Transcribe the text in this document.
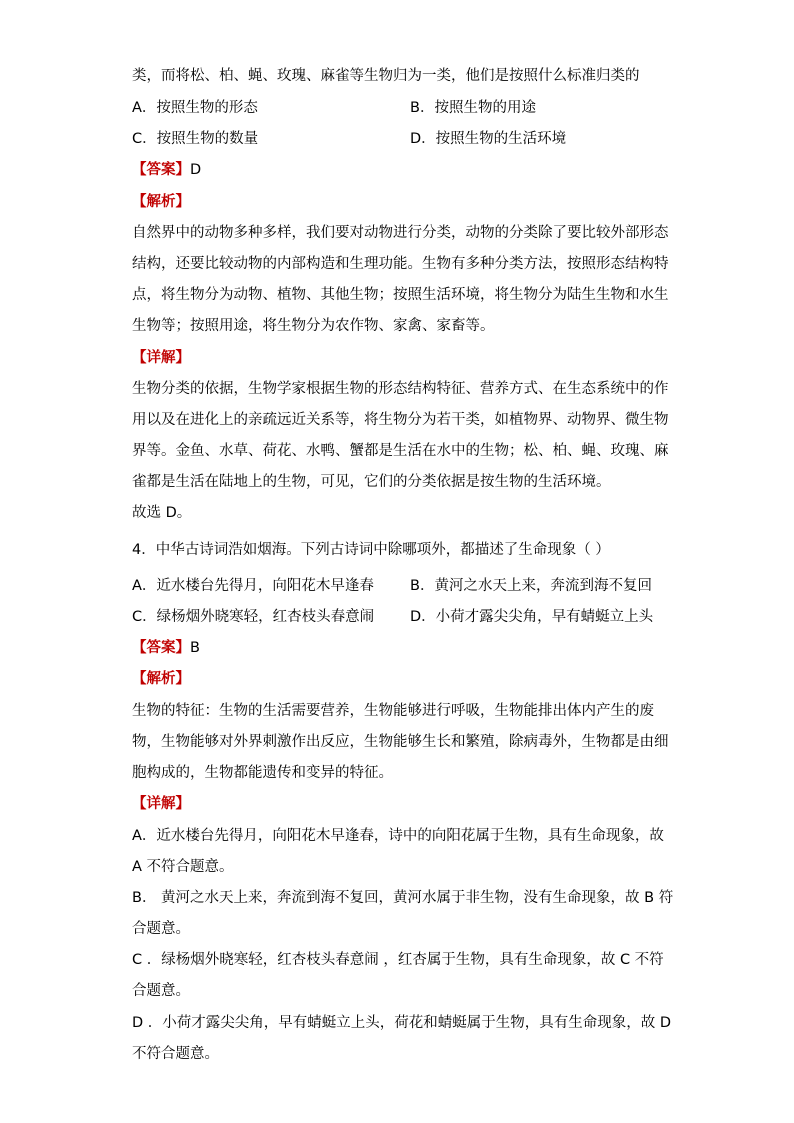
类，而将松、柏、蝇、玫瑰、麻雀等生物归为一类，他们是按照什么标准归类的
A．按照生物的形态	B．按照生物的用途
C．按照生物的数量	D．按照生物的生活环境
【答案】D
【解析】
自然界中的动物多种多样，我们要对动物进行分类，动物的分类除了要比较外部形态
结构，还要比较动物的内部构造和生理功能。生物有多种分类方法，按照形态结构特
点，将生物分为动物、植物、其他生物；按照生活环境，将生物分为陆生生物和水生
生物等；按照用途，将生物分为农作物、家禽、家畜等。
【详解】
生物分类的依据，生物学家根据生物的形态结构特征、营养方式、在生态系统中的作
用以及在进化上的亲疏远近关系等，将生物分为若干类，如植物界、动物界、微生物
界等。金鱼、水草、荷花、水鸭、蟹都是生活在水中的生物；松、柏、蝇、玫瑰、麻
雀都是生活在陆地上的生物，可见，它们的分类依据是按生物的生活环境。
故选 D。
4．中华古诗词浩如烟海。下列古诗词中除哪项外，都描述了生命现象（ ）
A．近水楼台先得月，向阳花木早逢春 B．黄河之水天上来，奔流到海不复回
C．绿杨烟外晓寒轻，红杏枝头春意闹 D．小荷才露尖尖角，早有蜻蜓立上头
【答案】B
【解析】
生物的特征：生物的生活需要营养，生物能够进行呼吸，生物能排出体内产生的废
物，生物能够对外界刺激作出反应，生物能够生长和繁殖，除病毒外，生物都是由细
胞构成的，生物都能遗传和变异的特征。
【详解】
A．近水楼台先得月，向阳花木早逢春，诗中的向阳花属于生物，具有生命现象，故
A 不符合题意。
B． 黄河之水天上来，奔流到海不复回，黄河水属于非生物，没有生命现象，故 B 符
合题意。
C ．绿杨烟外晓寒轻，红杏枝头春意闹 ，红杏属于生物，具有生命现象，故 C 不符
合题意。
D ．小荷才露尖尖角，早有蜻蜓立上头，荷花和蜻蜓属于生物，具有生命现象，故 D
不符合题意。
